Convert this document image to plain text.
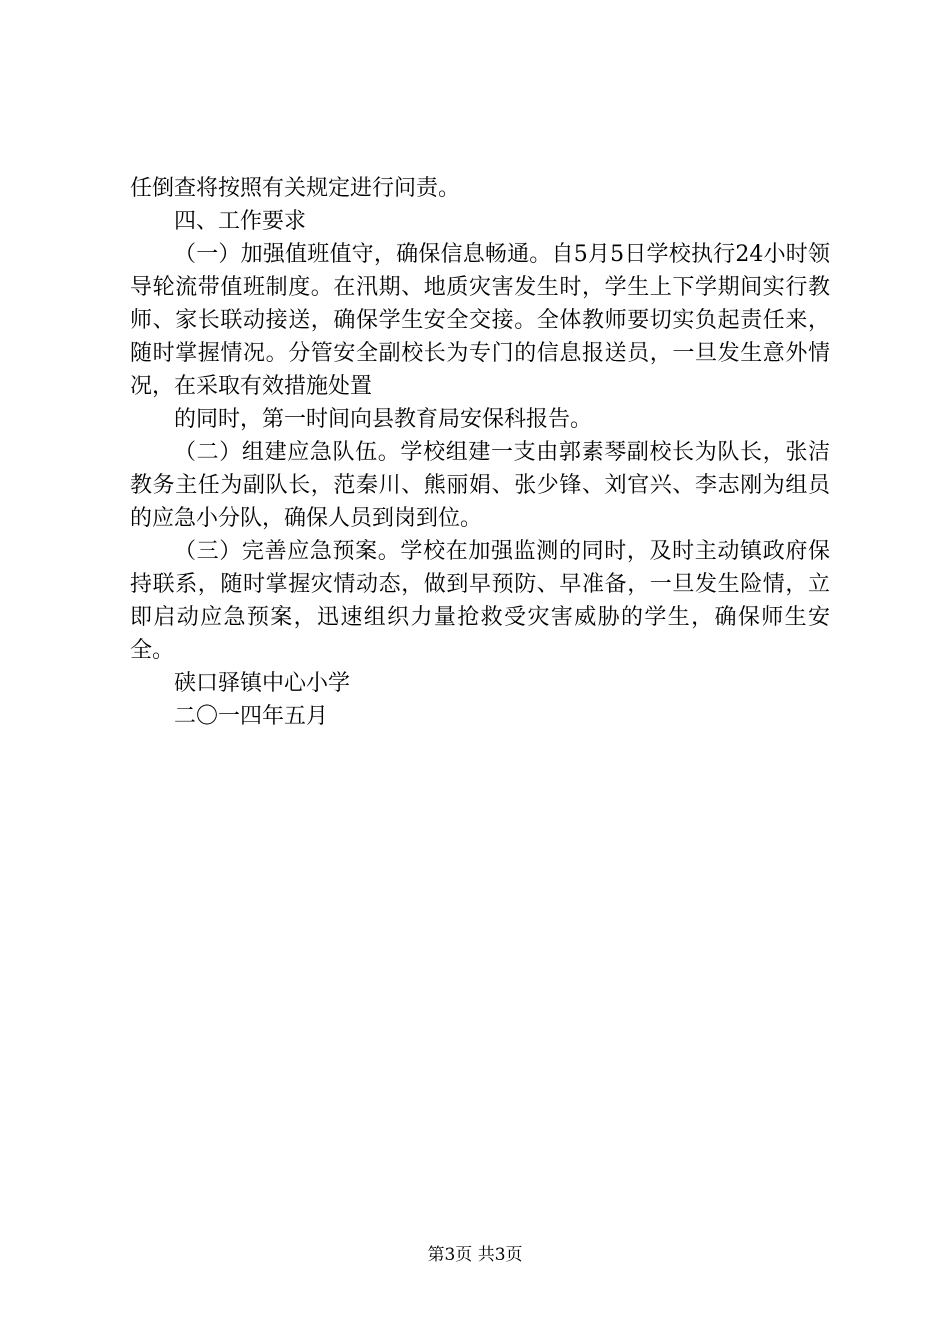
任倒查将按照有关规定进行问责。

四、工作要求

（一）加强值班值守，确保信息畅通。自5月5日学校执行24小时领导轮流带值班制度。在汛期、地质灾害发生时，学生上下学期间实行教师、家长联动接送，确保学生安全交接。全体教师要切实负起责任来，随时掌握情况。分管安全副校长为专门的信息报送员，一旦发生意外情况，在采取有效措施处置

的同时，第一时间向县教育局安保科报告。

（二）组建应急队伍。学校组建一支由郭素琴副校长为队长，张洁教务主任为副队长，范秦川、熊丽娟、张少锋、刘官兴、李志刚为组员的应急小分队，确保人员到岗到位。

（三）完善应急预案。学校在加强监测的同时，及时主动镇政府保持联系，随时掌握灾情动态，做到早预防、早准备，一旦发生险情，立即启动应急预案，迅速组织力量抢救受灾害威胁的学生，确保师生安全。

硖口驿镇中心小学

二〇一四年五月

第3页 共3页
